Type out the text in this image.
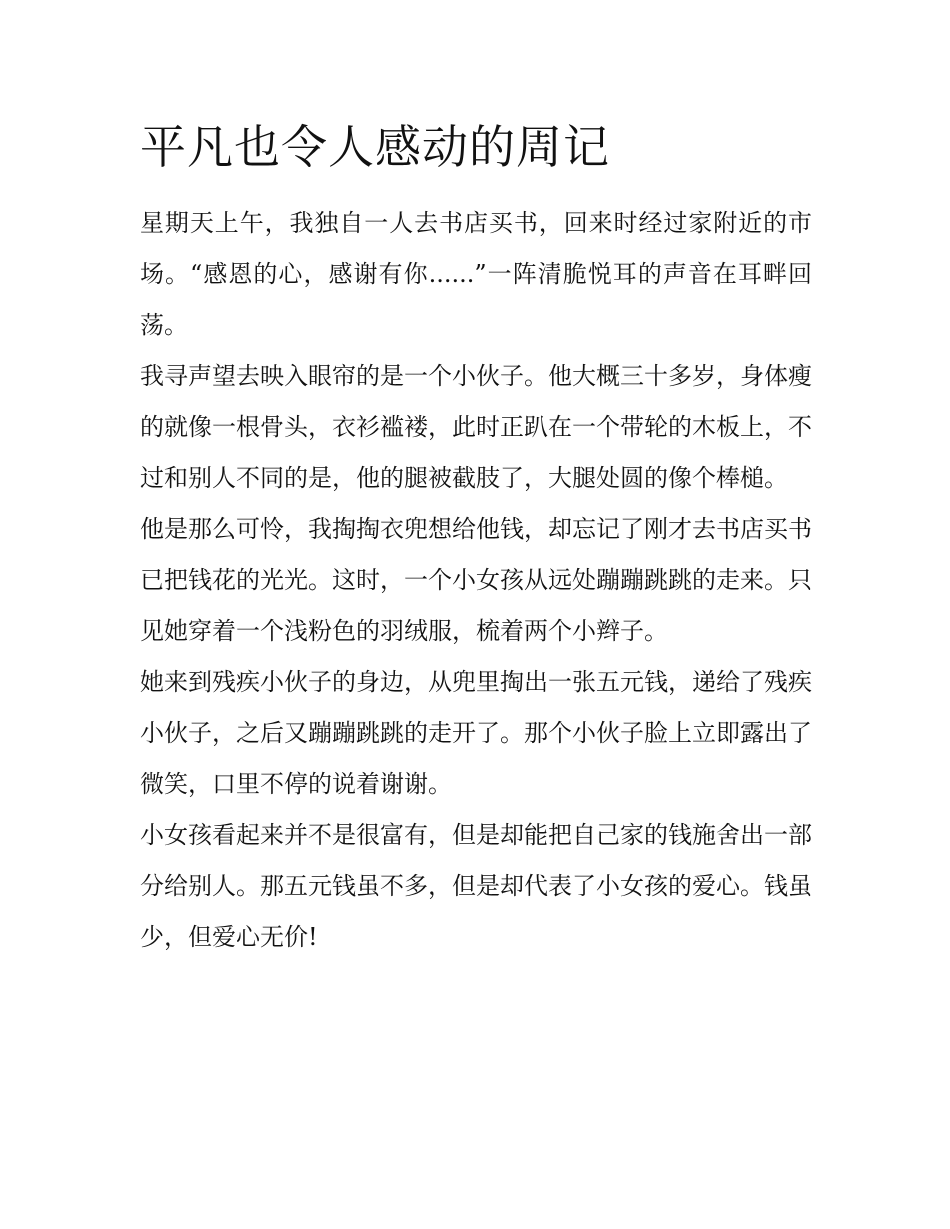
平凡也令人感动的周记

星期天上午，我独自一人去书店买书，回来时经过家附近的市场。“感恩的心，感谢有你......”一阵清脆悦耳的声音在耳畔回荡。

我寻声望去映入眼帘的是一个小伙子。他大概三十多岁，身体瘦的就像一根骨头，衣衫褴褛，此时正趴在一个带轮的木板上，不过和别人不同的是，他的腿被截肢了，大腿处圆的像个棒槌。

他是那么可怜，我掏掏衣兜想给他钱，却忘记了刚才去书店买书已把钱花的光光。这时，一个小女孩从远处蹦蹦跳跳的走来。只见她穿着一个浅粉色的羽绒服，梳着两个小辫子。

她来到残疾小伙子的身边，从兜里掏出一张五元钱，递给了残疾小伙子，之后又蹦蹦跳跳的走开了。那个小伙子脸上立即露出了微笑，口里不停的说着谢谢。

小女孩看起来并不是很富有，但是却能把自己家的钱施舍出一部分给别人。那五元钱虽不多，但是却代表了小女孩的爱心。钱虽少，但爱心无价!
